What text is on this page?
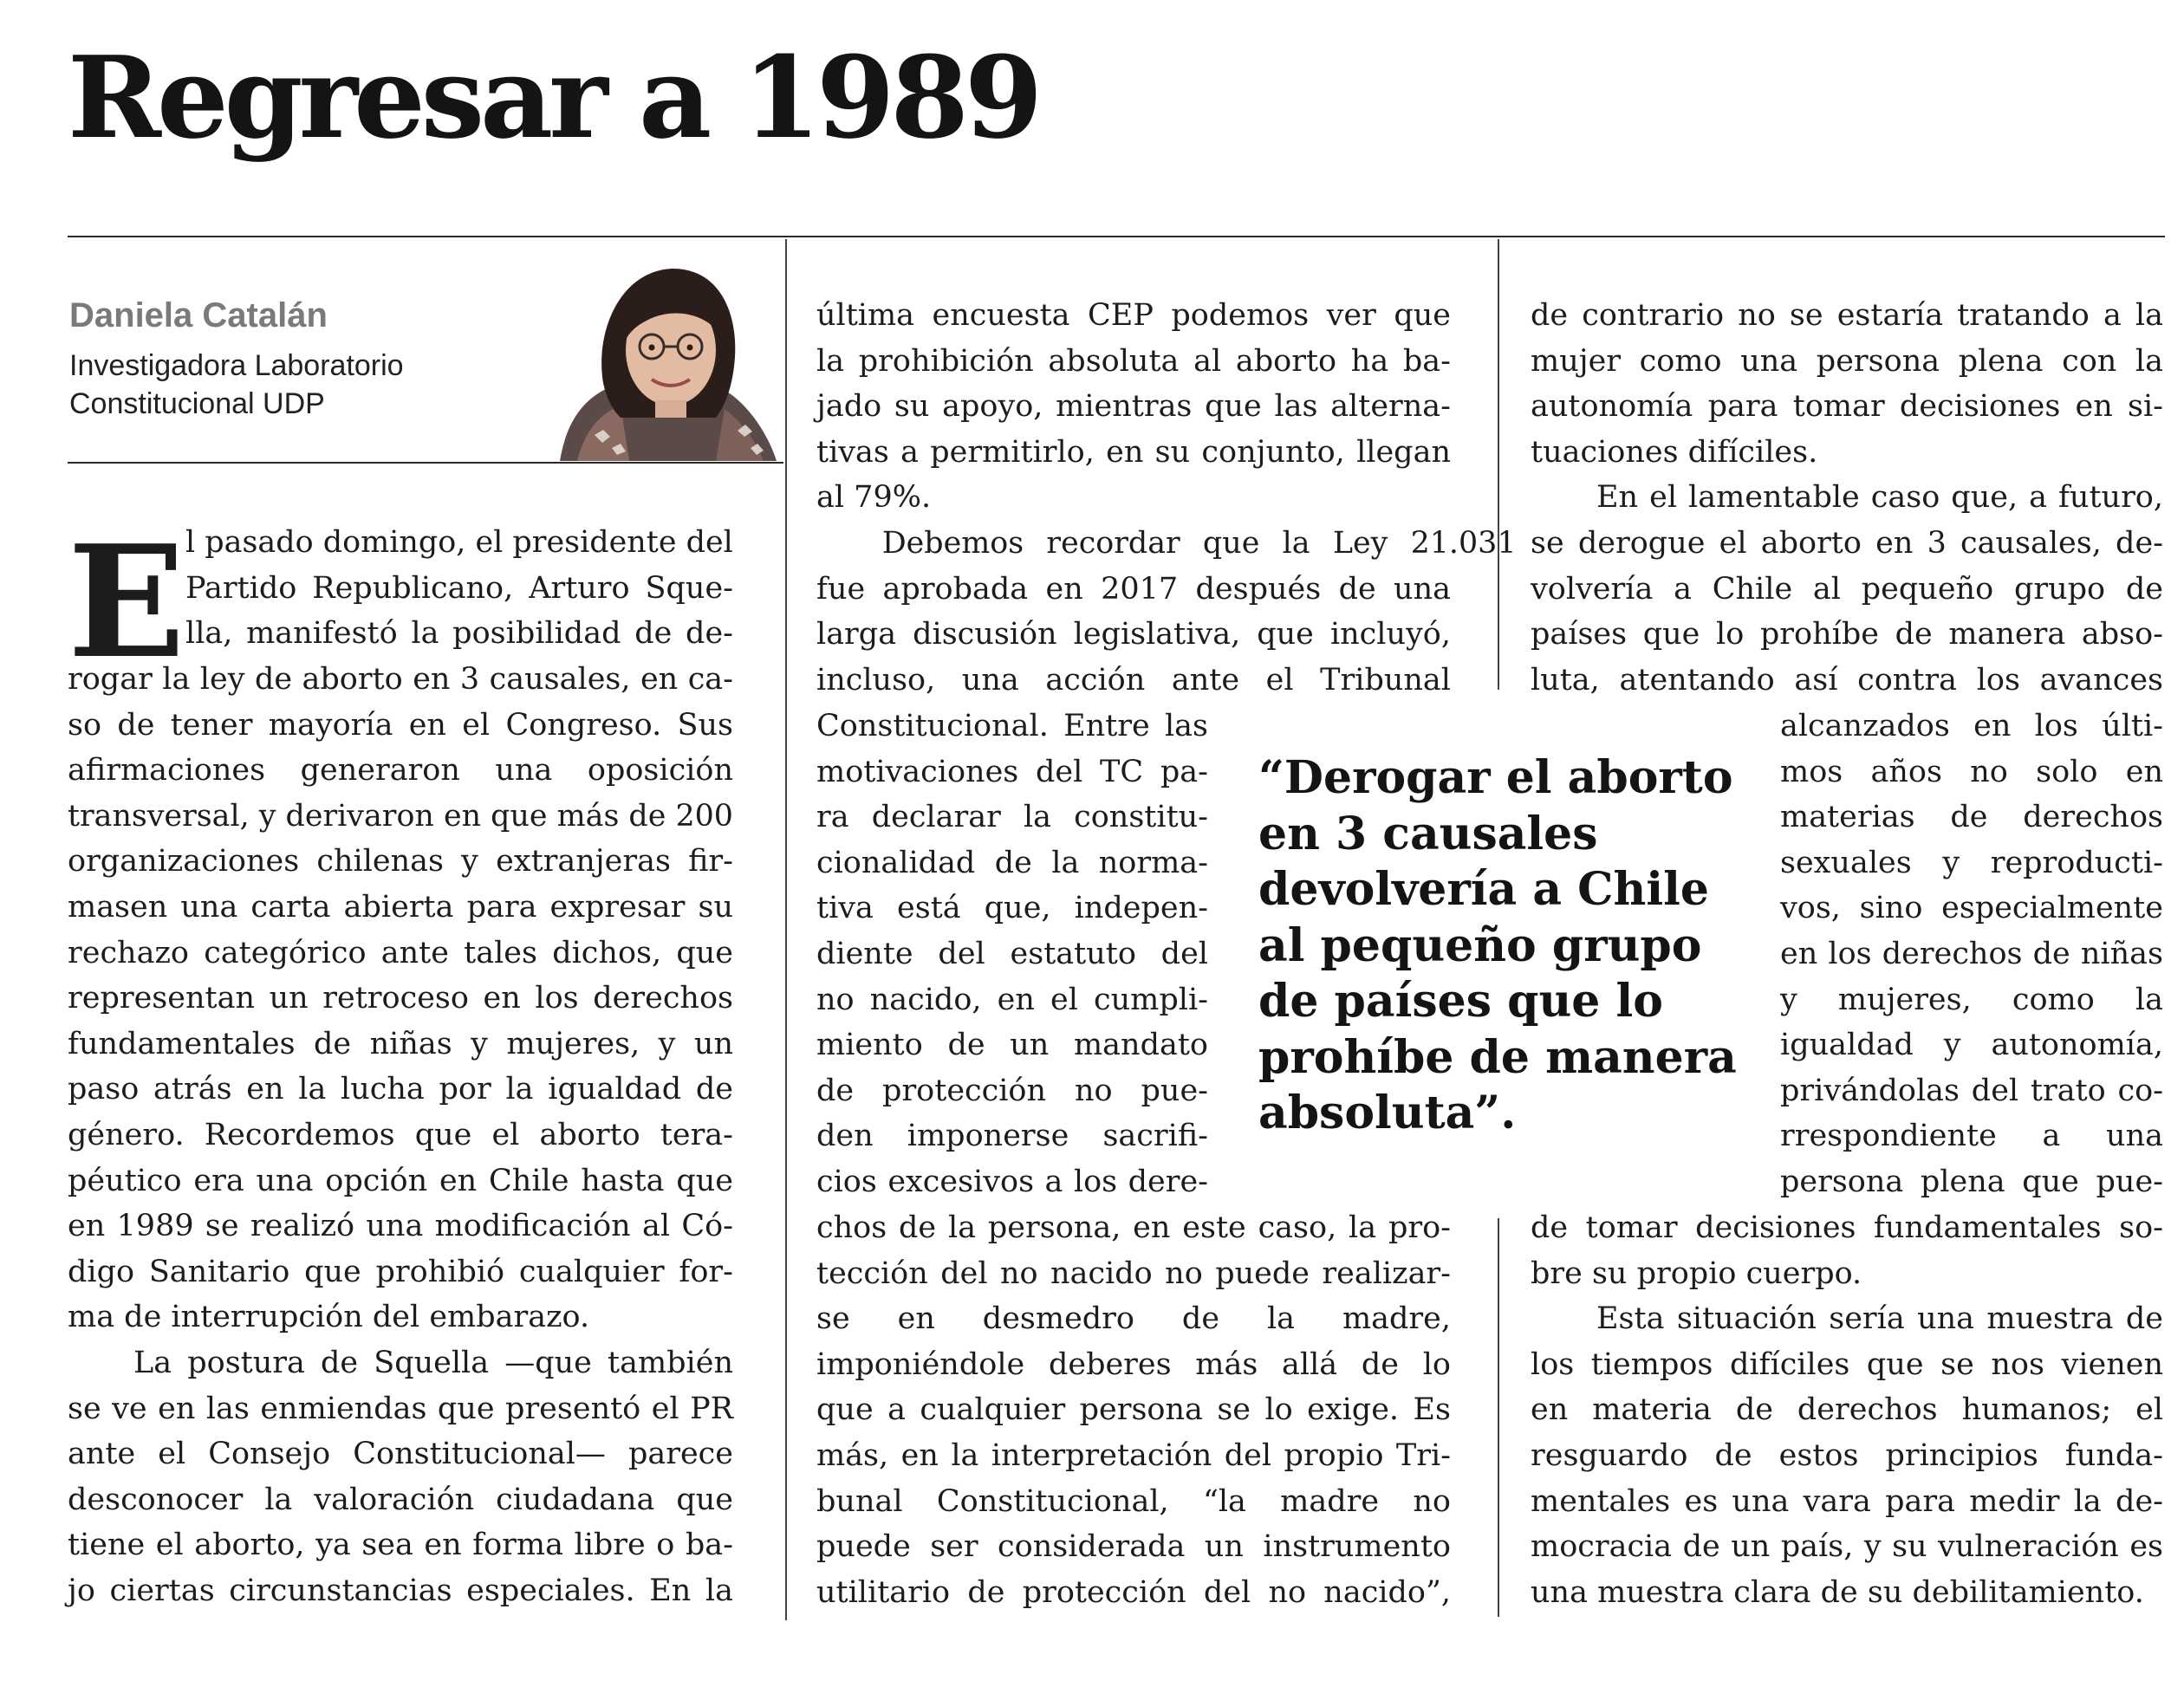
Regresar a 1989
Daniela Catalán
Investigadora Laboratorio
Constitucional UDP
E l pasado domingo, el presidente del

Partido Republicano, Arturo Sque-

lla, manifestó la posibilidad de de-

rogar la ley de aborto en 3 causales, en ca-

so de tener mayoría en el Congreso. Sus

afirmaciones generaron una oposición

transversal, y derivaron en que más de 200

organizaciones chilenas y extranjeras fir-

masen una carta abierta para expresar su

rechazo categórico ante tales dichos, que

representan un retroceso en los derechos

fundamentales de niñas y mujeres, y un

paso atrás en la lucha por la igualdad de

género. Recordemos que el aborto tera-

péutico era una opción en Chile hasta que

en 1989 se realizó una modificación al Có-

digo Sanitario que prohibió cualquier for-

ma de interrupción del embarazo.

La postura de Squella —que también

se ve en las enmiendas que presentó el PR

ante el Consejo Constitucional— parece

desconocer la valoración ciudadana que

tiene el aborto, ya sea en forma libre o ba-

jo ciertas circunstancias especiales. En la

última encuesta CEP podemos ver que

la prohibición absoluta al aborto ha ba-

jado su apoyo, mientras que las alterna-

tivas a permitirlo, en su conjunto, llegan

al 79%.

Debemos recordar que la Ley 21.031

fue aprobada en 2017 después de una

larga discusión legislativa, que incluyó,

incluso, una acción ante el Tribunal

Constitucional. Entre las

motivaciones del TC pa-

ra declarar la constitu-

cionalidad de la norma-

tiva está que, indepen-

diente del estatuto del

no nacido, en el cumpli-

miento de un mandato

de protección no pue-

den imponerse sacrifi-

cios excesivos a los dere-

chos de la persona, en este caso, la pro-

tección del no nacido no puede realizar-

se en desmedro de la madre,

imponiéndole deberes más allá de lo

que a cualquier persona se lo exige. Es

más, en la interpretación del propio Tri-

bunal Constitucional, “la madre no

puede ser considerada un instrumento

utilitario de protección del no nacido”,

de contrario no se estaría tratando a la

mujer como una persona plena con la

autonomía para tomar decisiones en si-

tuaciones difíciles.

En el lamentable caso que, a futuro,

se derogue el aborto en 3 causales, de-

volvería a Chile al pequeño grupo de

países que lo prohíbe de manera abso-

luta, atentando así contra los avances

alcanzados en los últi-

mos años no solo en

materias de derechos

sexuales y reproducti-

vos, sino especialmente

en los derechos de niñas

y mujeres, como la

igualdad y autonomía,

privándolas del trato co-

rrespondiente a una

persona plena que pue-

de tomar decisiones fundamentales so-

bre su propio cuerpo.

Esta situación sería una muestra de

los tiempos difíciles que se nos vienen

en materia de derechos humanos; el

resguardo de estos principios funda-

mentales es una vara para medir la de-

mocracia de un país, y su vulneración es

una muestra clara de su debilitamiento.

“Derogar el aborto
en 3 causales
devolvería a Chile
al pequeño grupo
de países que lo
prohíbe de manera
absoluta”.
